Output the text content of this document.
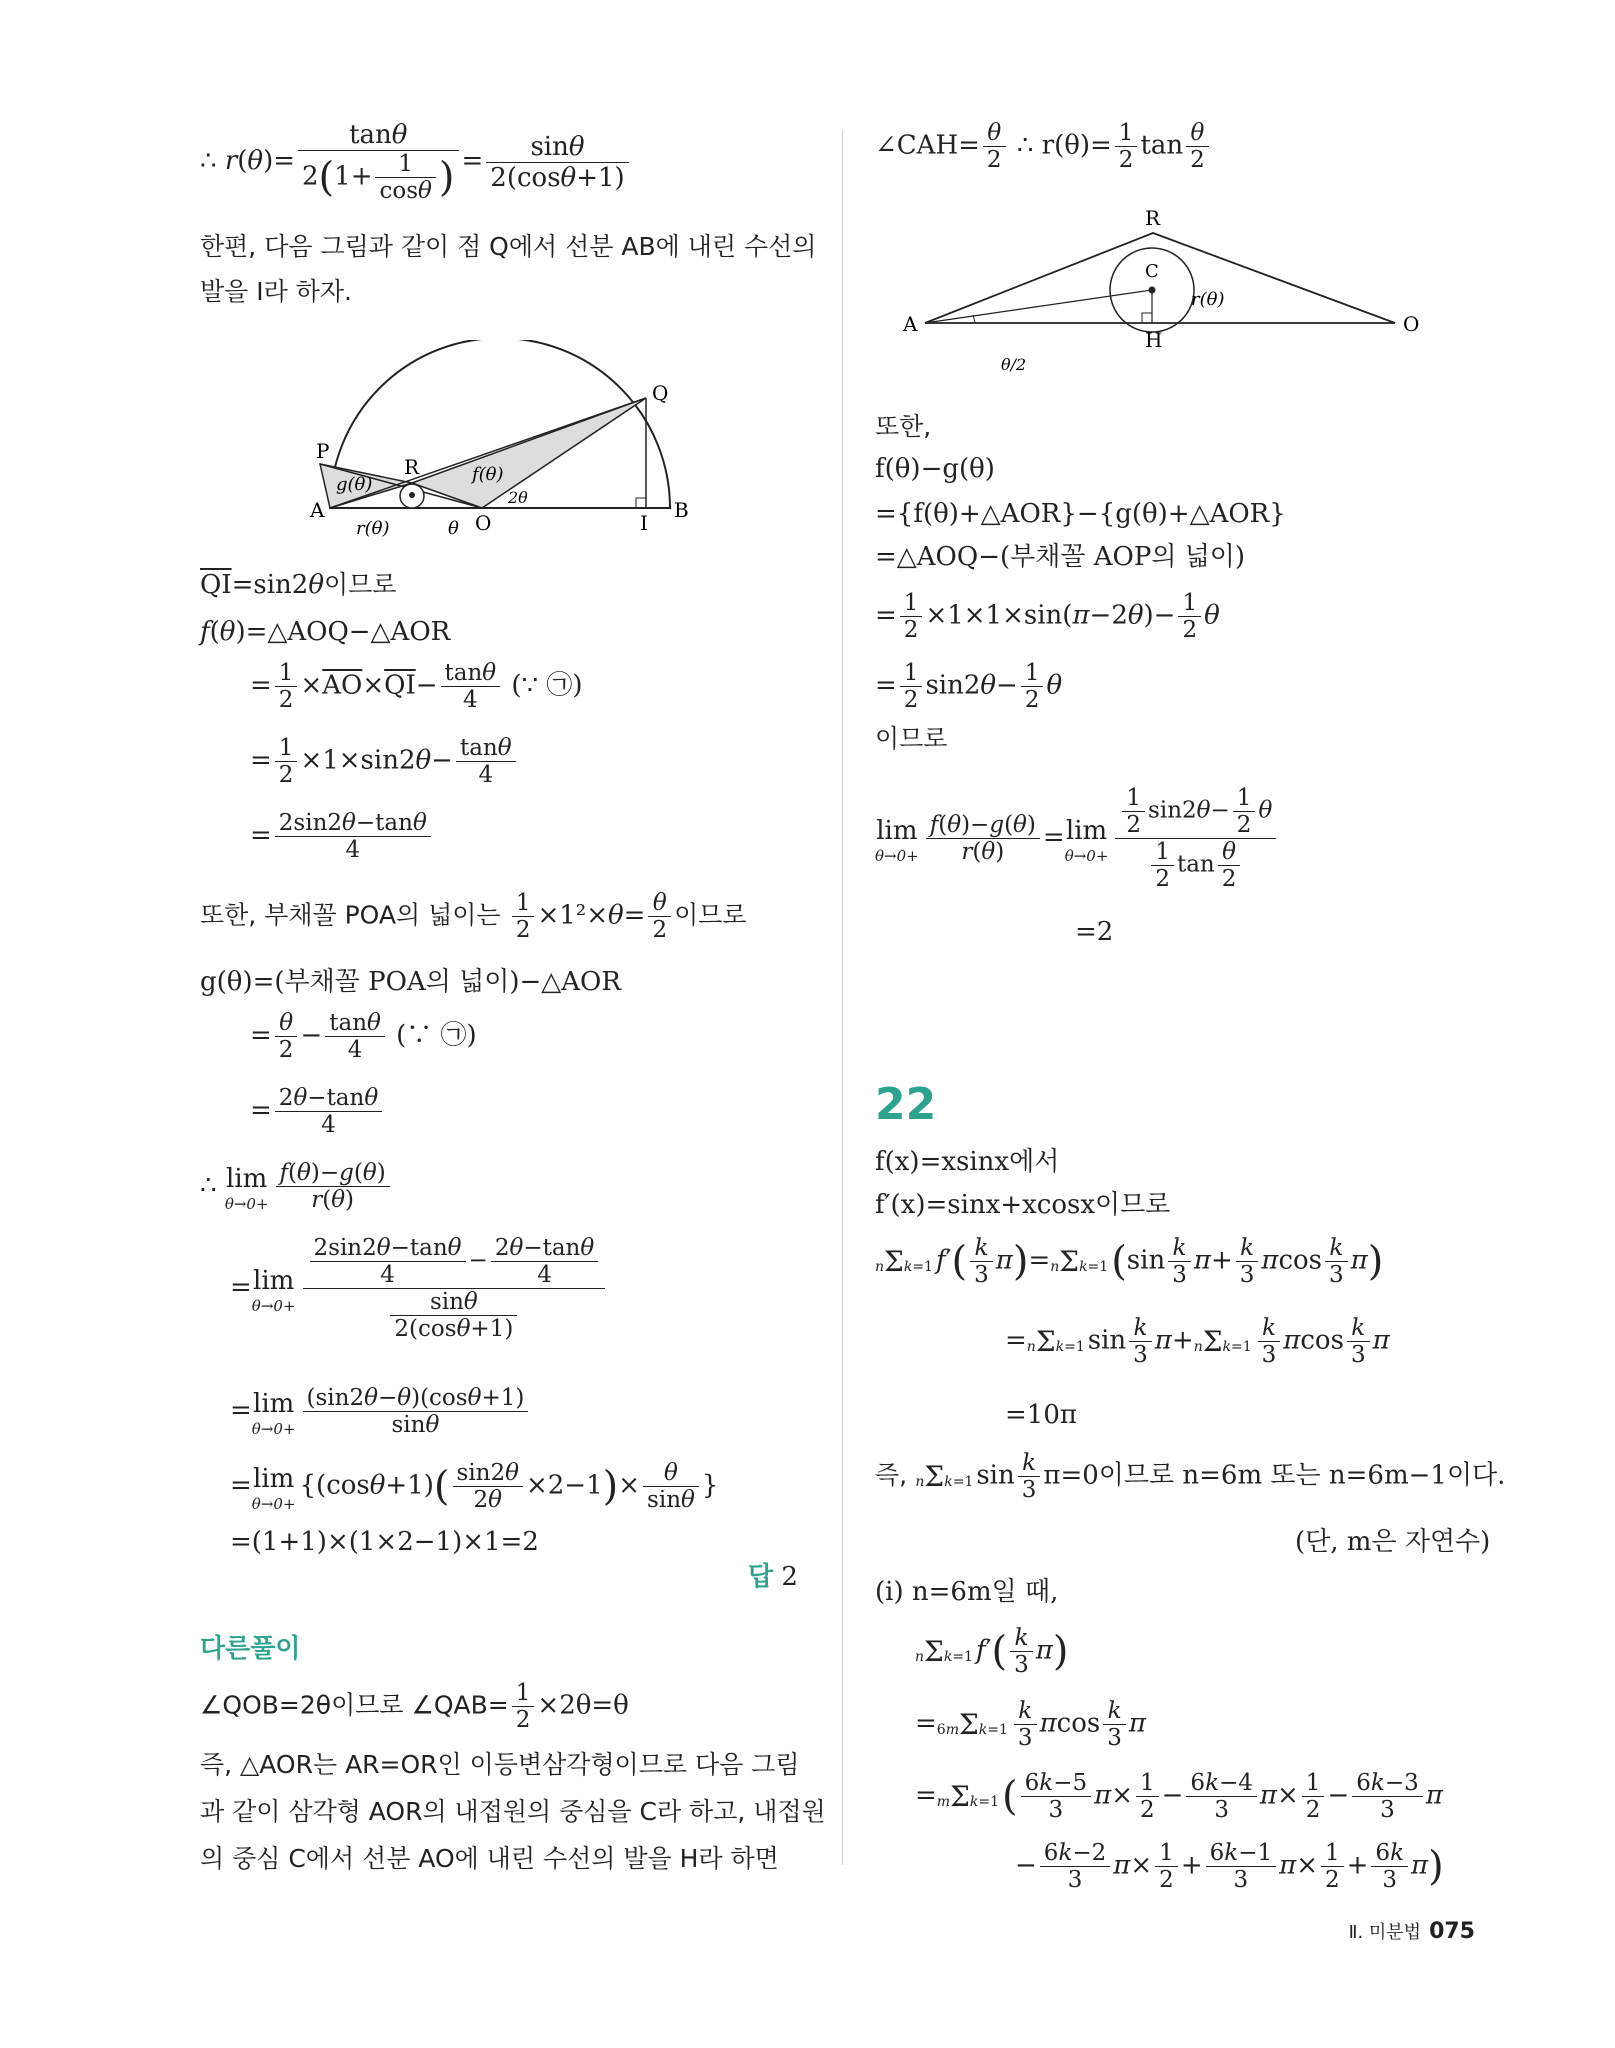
∴ $r(\theta)= \frac{\tan\theta}{2(1+ \frac{1}{\cos\theta} )} = \frac{\sin\theta}{2(\cos\theta+1)}$
한편, 다음 그림과 같이 점 Q에서 선분 AB에 내린 수선의
발을 I라 하자.
P
R
Q
A
O	I
B
g(θ)	f(θ)
2θ
r(θ)	θ
$\overline{QI}=\sin 2\theta$이므로
f(θ)=△AOQ−△AOR
= $\frac{1}{2} \times\overline{AO}\times\overline{QI}- \frac{\tan\theta}{4}$ (∵ ㉠)
= $\frac{1}{2} \times 1\times\sin 2\theta- \frac{\tan\theta}{4}$
= $\frac{2\sin 2\theta-\tan\theta}{4}$
또한, 부채꼴 POA의 넓이는 $\frac{1}{2} \times 1^2\times\theta= \frac{\theta}{2}$ 이므로
g(θ)=(부채꼴 POA의 넓이)−△AOR
= $\frac{\theta}{2} - \frac{\tan\theta}{4}$ (∵ ㉠)
= $\frac{2\theta-\tan\theta}{4}$
∴ lim
$\theta\to 0+ \frac{f(\theta)-g(\theta)}{r(\theta)}$
= lim
$\theta\to 0+ \frac{\frac{2\sin 2\theta-\tan\theta}{4} - \frac{2\theta-\tan\theta}{4}}{\frac{\sin\theta}{2(\cos\theta+1)}}$
= lim
$\theta\to 0+ \frac{(\sin 2\theta-\theta)(\cos\theta+1)}{\sin\theta}$
= lim
θ→0+
{$(\cos\theta+1)( \frac{\sin 2\theta}{2\theta} \times 2-1)\times \frac{\theta}{\sin\theta}$ }
=(1+1)×(1×2−1)×1=2
답 2
다른풀이
∠QOB=2θ이므로 ∠QAB= $\frac{1}{2} \times 2\theta=\theta$
즉, △AOR는 AR=OR인 이등변삼각형이므로 다음 그림
과 같이 삼각형 AOR의 내접원의 중심을 C라 하고, 내접원
의 중심 C에서 선분 AO에 내린 수선의 발을 H라 하면
∠CAH= $\frac{\theta}{2}$ ∴ $r(\theta)= \frac{1}{2}$ $\tan \frac{\theta}{2}$
A
R
C
H
O
r(θ)
θ/2
또한,
f(θ)−g(θ)
={f(θ)+△AOR}−{g(θ)+△AOR}
=△AOQ−(부채꼴 AOP의 넓이)
= $\frac{1}{2} \times 1\times 1\times\sin(\pi-2\theta)- \frac{1}{2}$ θ
= $\frac{1}{2} \sin 2\theta- \frac{1}{2}$ θ
이므로
lim
$\theta\to 0+ \frac{f(\theta)-g(\theta)}{r(\theta)} = \lim$
$\theta\to 0+ \frac{\frac{1}{2} \sin 2\theta- \frac{1}{2} \theta}{\frac{1}{2} \tan \frac{\theta}{2}}$
=2
22
f(x)=xsinx에서
f′(x)=sinx+xcosx이므로
nΣk=1 $f'( \frac{k}{3} \pi)=n\Sigma k=1(\sin \frac{k}{3} \pi+ \frac{k}{3}$ πcos $\frac{k}{3} \pi$)
=nΣk=1 $\sin \frac{k}{3} \pi+n\Sigma k=1 \frac{k}{3}$ πcos $\frac{k}{3}$ π
=10π
즉, nΣk=1 $\sin \frac{k}{3} \pi=0$이므로 n=6m 또는 n=6m−1이다.
(단, m은 자연수)
(i) n=6m일 때,
nΣk=1 $f'( \frac{k}{3} \pi)$
$=6m\Sigma k=1 \frac{k}{3}$ πcos $\frac{k}{3}$ π
$=m\Sigma k=1( \frac{6k-5}{3} \pi\times \frac{1}{2} - \frac{6k-4}{3} \pi\times \frac{1}{2} - \frac{6k-3}{3}$ π
− $\frac{6k-2}{3} \pi\times \frac{1}{2} + \frac{6k-1}{3} \pi\times \frac{1}{2} + \frac{6k}{3} \pi$)
Ⅱ. 미분법 075
